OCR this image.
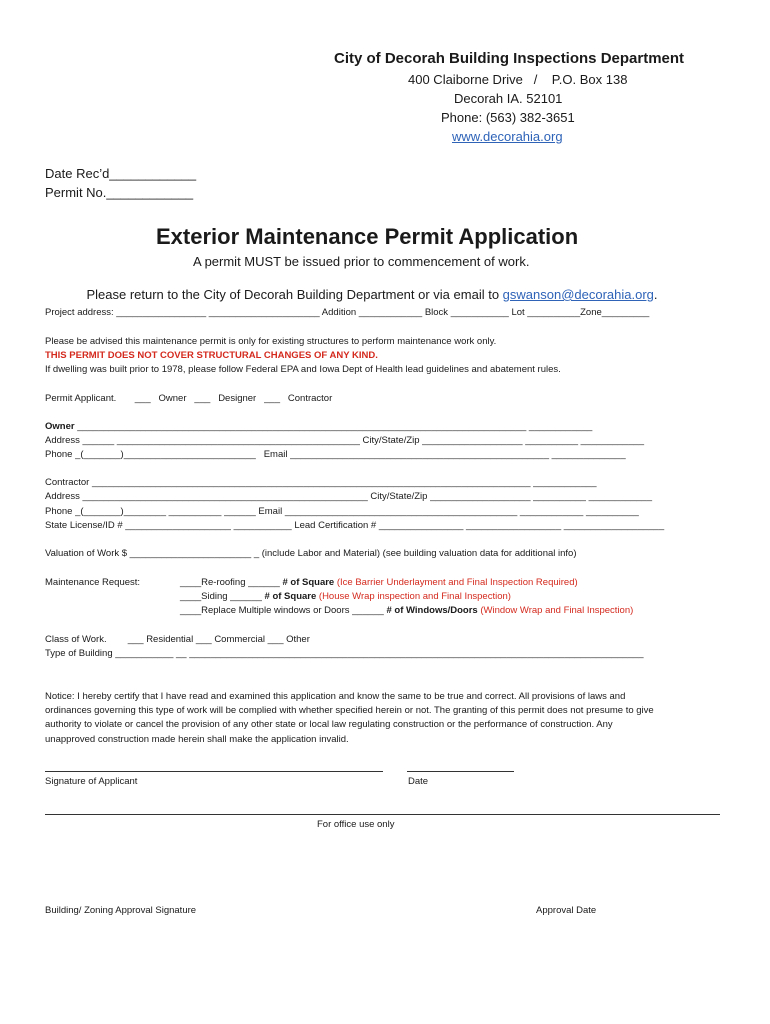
City of Decorah Building Inspections Department
400 Claiborne Drive   /    P.O. Box 138
Decorah IA. 52101
Phone: (563) 382-3651
www.decorahia.org
Date Rec’d____________
Permit No.____________
Exterior Maintenance Permit Application
A permit MUST be issued prior to commencement of work.

Please return to the City of Decorah Building Department or via email to gswanson@decorahia.org.

Project address: _________________ _____________________ Addition ____________ Block ___________ Lot __________Zone_________
Please be advised this maintenance permit is only for existing structures to perform maintenance work only.
THIS PERMIT DOES NOT COVER STRUCTURAL CHANGES OF ANY KIND.
If dwelling was built prior to 1978, please follow Federal EPA and Iowa Dept of Health lead guidelines and abatement rules.
Permit Applicant.       ___   Owner   ___   Designer   ___   Contractor
Owner _____________________________________________________________________________________ ____________
Address ______ ______________________________________________ City/State/Zip ___________________ __________ ____________
Phone _(_______)_________________________   Email _________________________________________________ ______________
Contractor ___________________________________________________________________________________ ____________
Address ______________________________________________________ City/State/Zip ___________________ __________ ____________
Phone _(_______)________ __________ ______ Email ____________________________________________ ____________ __________
State License/ID # ____________________ ___________ Lead Certification # ________________ __________________ ___________________
Valuation of Work $ _______________________ _ (include Labor and Material) (see building valuation data for additional info)
Maintenance Request:	____Re-roofing ______ # of Square (Ice Barrier Underlayment and Final Inspection Required)
____Siding ______ # of Square (House Wrap inspection and Final Inspection)
____Replace Multiple windows or Doors ______ # of Windows/Doors (Window Wrap and Final Inspection)
Class of Work.        ___ Residential ___ Commercial ___ Other
Type of Building ___________ __ ______________________________________________________________________________________
Notice: I hereby certify that I have read and examined this application and know the same to be true and correct. All provisions of laws and
ordinances governing this type of work will be complied with whether specified herein or not. The granting of this permit does not presume to give
authority to violate or cancel the provision of any other state or local law regulating construction or the performance of construction. Any
unapproved construction made herein shall make the application invalid.
Signature of Applicant	Date
For office use only
Building/ Zoning Approval Signature	Approval Date
